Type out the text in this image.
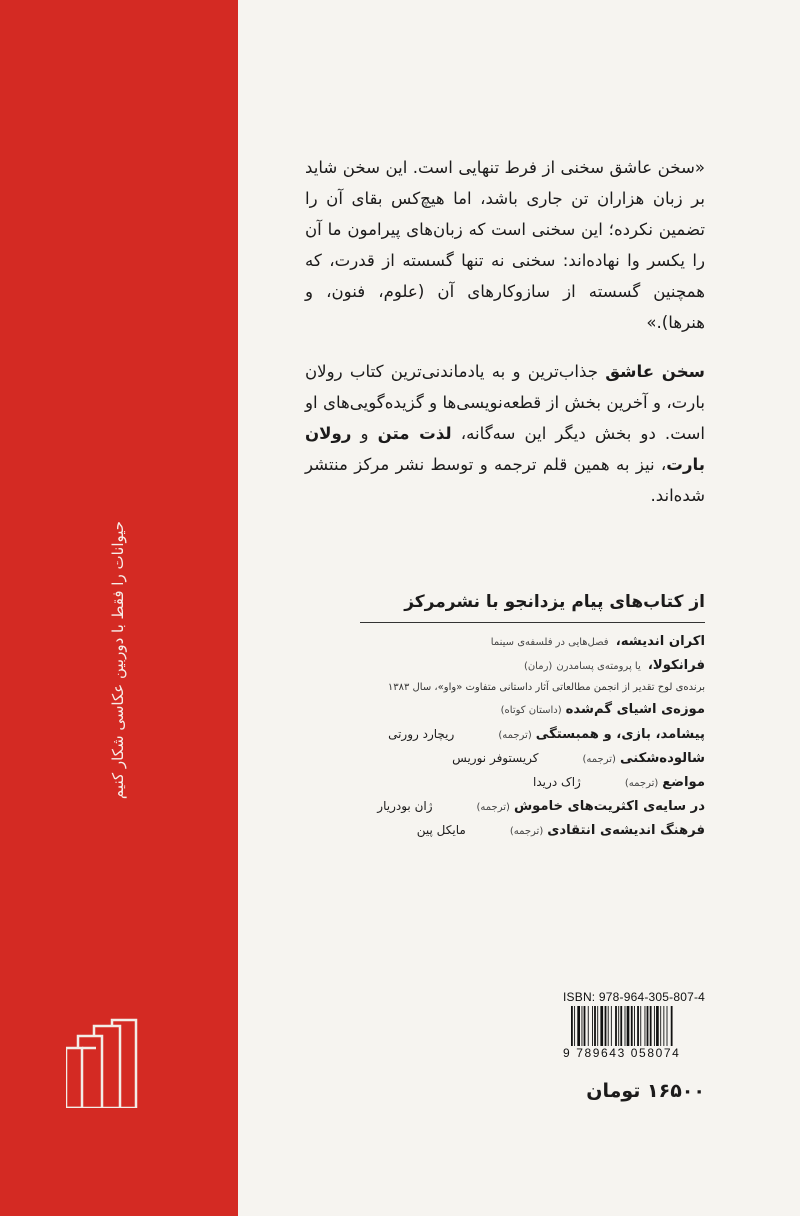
حیوانات را فقط با دوربین عکاسی شکار کنیم
«سخن عاشق سخنی از فرط تنهایی است. این سخن شاید بر زبان هزاران تن جاری باشد، اما هیچ‌کس بقای آن را تضمین نکرده؛ این سخنی است که زبان‌های پیرامون ما آن را یکسر وا نهاده‌اند: سخنی نه تنها گسسته از قدرت، که همچنین گسسته از سازوکارهای آن (علوم، فنون، و هنرها).»
سخن عاشق جذاب‌ترین و به یادماندنی‌ترین کتاب رولان بارت، و آخرین بخش از قطعه‌نویسی‌ها و گزیده‌گویی‌های او است. دو بخش دیگر این سه‌گانه، لذت متن و رولان بارت، نیز به همین قلم ترجمه و توسط نشر مرکز منتشر شده‌اند.
از کتاب‌های پیام یزدانجو با نشرمرکز
اکران اندیشه، فصل‌هایی در فلسفه‌ی سینما
فرانکولا، یا پرومته‌ی پسامدرن(رمان)
برنده‌ی لوح تقدیر از انجمن مطالعاتی آثار داستانی متفاوت «واو»، سال ۱۳۸۳
موزه‌ی اشیای گم‌شده(داستان کوتاه)
پیشامد، بازی، و همبستگی(ترجمه)ریچارد رورتی
شالوده‌شکنی(ترجمه)کریستوفر نوریس
مواضع(ترجمه)ژاک دریدا
در سایه‌ی اکثریت‌های خاموش(ترجمه)ژان بودریار
فرهنگ اندیشه‌ی انتقادی(ترجمه)مایکل پین
ISBN: 978-964-305-807-4
9 789643 058074
۱۶۵۰۰ تومان
